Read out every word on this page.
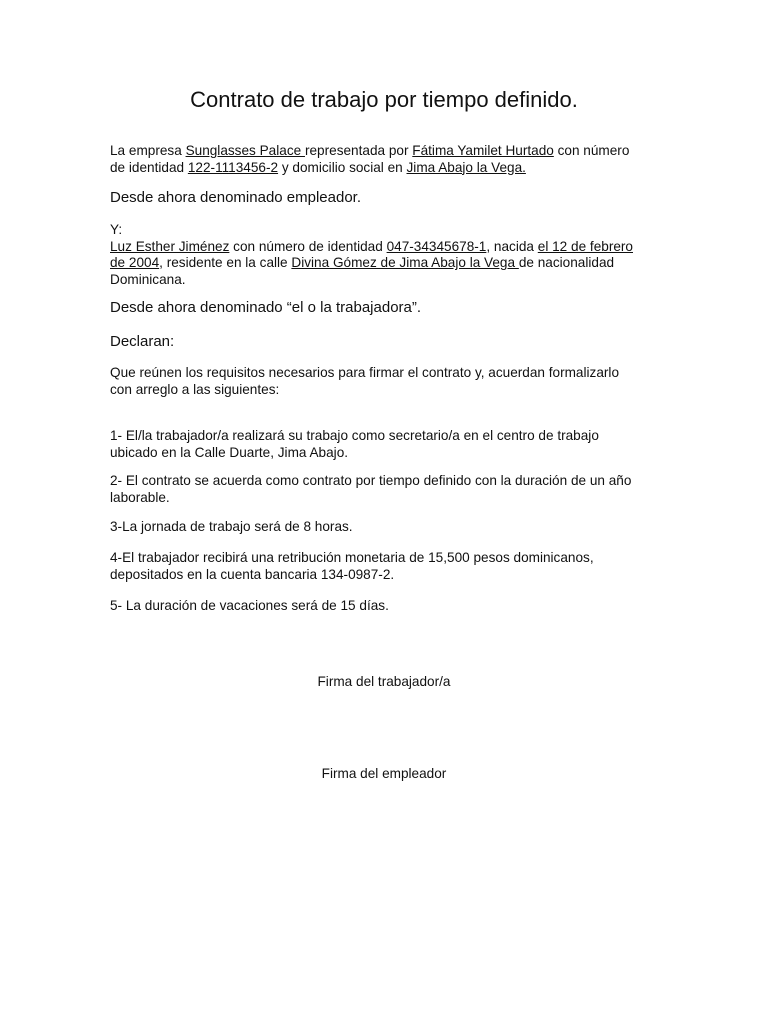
Contrato de trabajo por tiempo definido.
La empresa Sunglasses Palace representada por Fátima Yamilet Hurtado con número
de identidad 122-1113456-2 y domicilio social en Jima Abajo la Vega.
Desde ahora denominado empleador.
Y:
Luz Esther Jiménez con número de identidad 047-34345678-1, nacida el 12 de febrero
de 2004, residente en la calle Divina Gómez de Jima Abajo la Vega de nacionalidad
Dominicana.
Desde ahora denominado “el o la trabajadora”.
Declaran:
Que reúnen los requisitos necesarios para firmar el contrato y, acuerdan formalizarlo
con arreglo a las siguientes:
1- El/la trabajador/a realizará su trabajo como secretario/a en el centro de trabajo
ubicado en la Calle Duarte, Jima Abajo.
2- El contrato se acuerda como contrato por tiempo definido con la duración de un año
laborable.
3-La jornada de trabajo será de 8 horas.
4-El trabajador recibirá una retribución monetaria de 15,500 pesos dominicanos,
depositados en la cuenta bancaria 134-0987-2.
5- La duración de vacaciones será de 15 días.
Firma del trabajador/a
Firma del empleador
